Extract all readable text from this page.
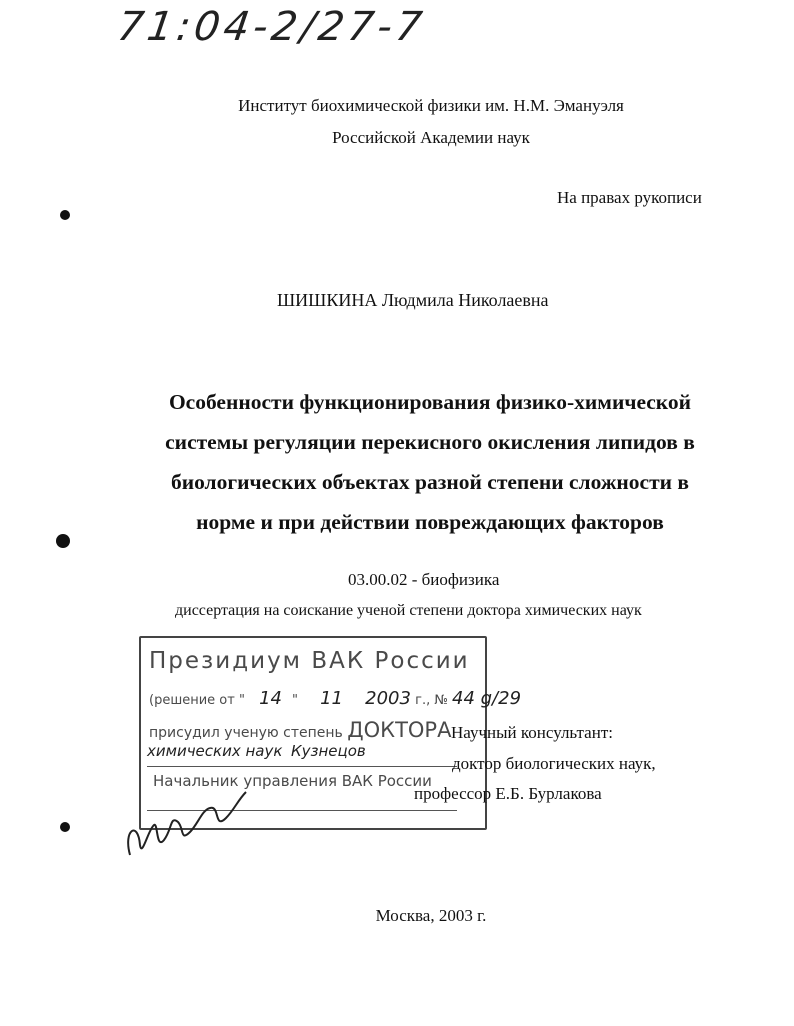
71:04-2/27-7
Институт биохимической физики им. Н.М. Эмануэля
Российской Академии наук
На правах рукописи
ШИШКИНА Людмила Николаевна
Особенности функционирования физико-химической
системы регуляции перекисного окисления липидов в
биологических объектах разной степени сложности в
норме и при действии повреждающих факторов
03.00.02 - биофизика
диссертация на соискание ученой степени доктора химических наук
Президиум ВАК России
(решение от " 14 " 11 2003 г., № 44 g/29
присудил ученую степень ДОКТОРА
химических наук Кузнецов
Начальник управления ВАК России
Научный консультант:
доктор биологических наук,
профессор Е.Б. Бурлакова
Москва, 2003 г.
